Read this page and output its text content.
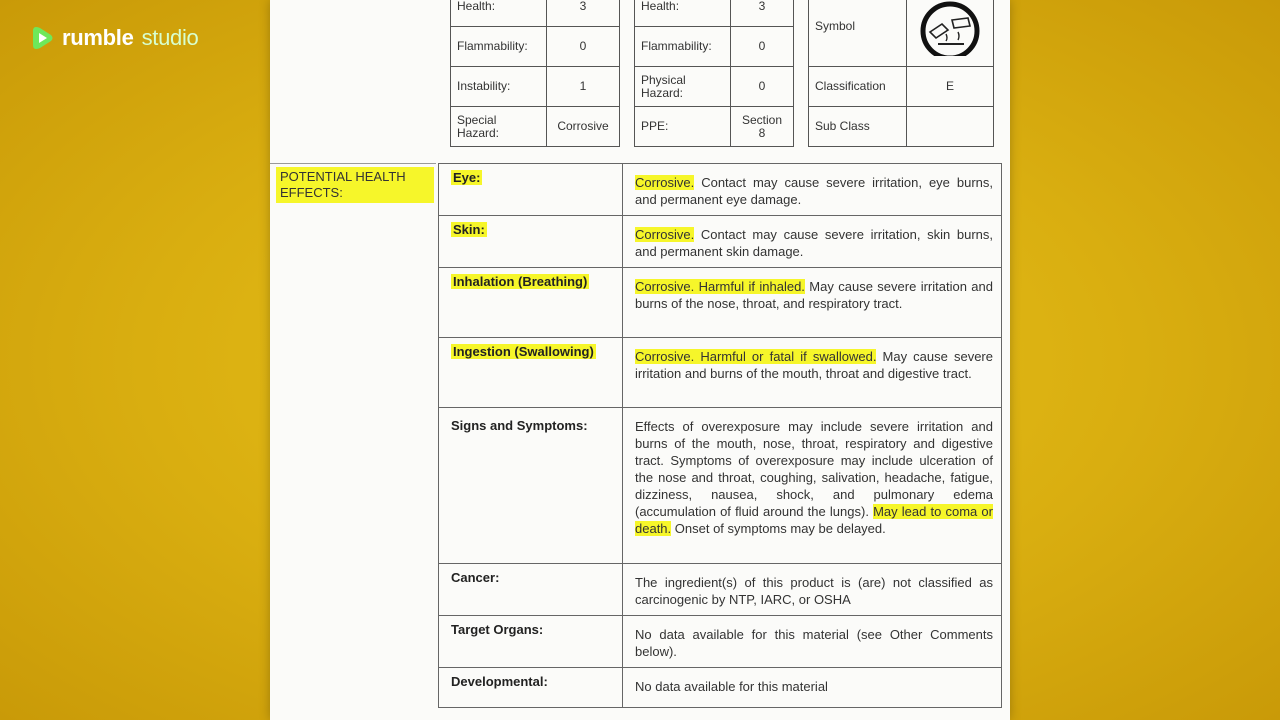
rumble studio
Health:	3
Flammability:	0
Instability:	1
Special Hazard:	Corrosive
Health:	3
Flammability:	0
Physical Hazard:	0
PPE:	Section 8
Symbol	

Classification	E
Sub Class	
POTENTIAL HEALTH EFFECTS:
Eye:	Corrosive. Contact may cause severe irritation, eye burns, and permanent eye damage.
Skin:	Corrosive. Contact may cause severe irritation, skin burns, and permanent skin damage.
Inhalation (Breathing)	Corrosive. Harmful if inhaled. May cause severe irritation and burns of the nose, throat, and respiratory tract.
Ingestion (Swallowing)	Corrosive. Harmful or fatal if swallowed. May cause severe irritation and burns of the mouth, throat and digestive tract.
Signs and Symptoms:	Effects of overexposure may include severe irritation and burns of the mouth, nose, throat, respiratory and digestive tract. Symptoms of overexposure may include ulceration of the nose and throat, coughing, salivation, headache, fatigue, dizziness, nausea, shock, and pulmonary edema (accumulation of fluid around the lungs). May lead to coma or death. Onset of symptoms may be delayed.
Cancer:	The ingredient(s) of this product is (are) not classified as carcinogenic by NTP, IARC, or OSHA
Target Organs:	No data available for this material (see Other Comments below).
Developmental:	No data available for this material
